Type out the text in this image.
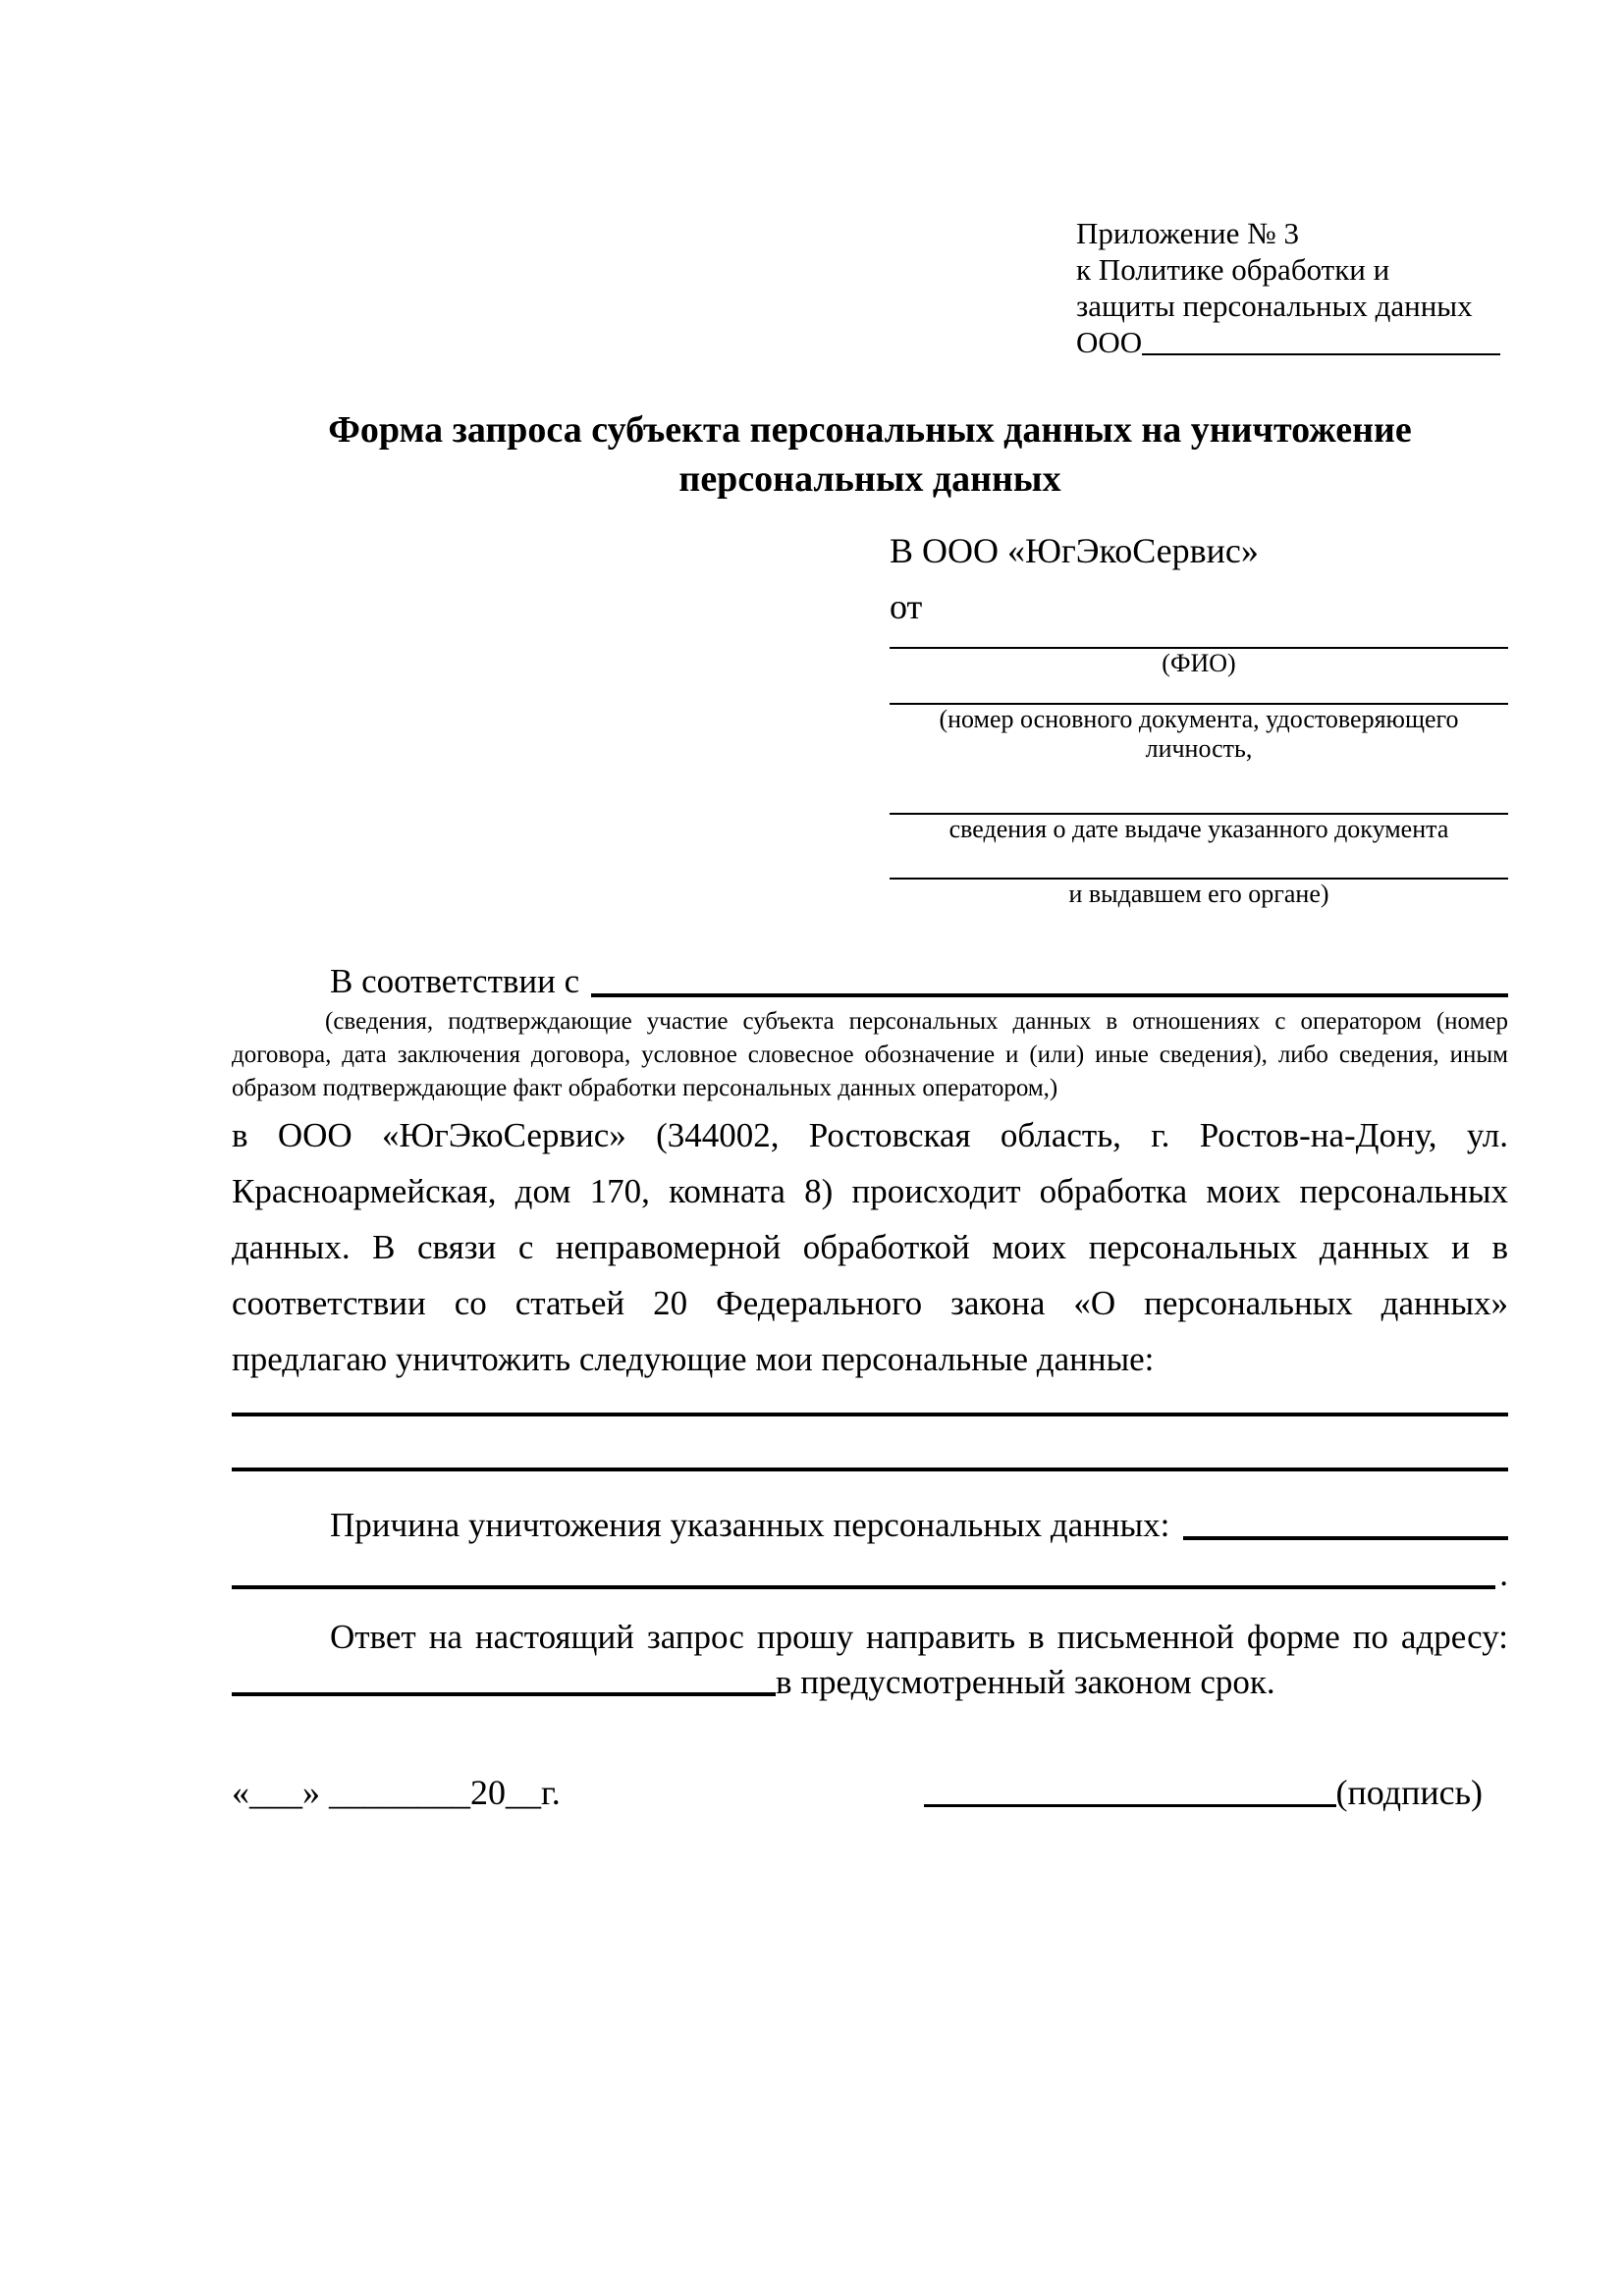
Приложение № 3
к Политике обработки и
защиты персональных данных
ООО
Форма запроса субъекта персональных данных на уничтожение персональных данных
В ООО «ЮгЭкоСервис»
от
(ФИО)
(номер основного документа, удостоверяющего личность,
сведения о дате выдаче указанного документа
и выдавшем его органе)
В соответствии с

(сведения, подтверждающие участие субъекта персональных данных в отношениях с оператором (номер договора, дата заключения договора, условное словесное обозначение и (или) иные сведения), либо сведения, иным образом подтверждающие факт обработки персональных данных оператором,)

в ООО «ЮгЭкоСервис» (344002, Ростовская область, г. Ростов-на-Дону, ул. Красноармейская, дом 170, комната 8) происходит обработка моих персональных данных. В связи с неправомерной обработкой моих персональных данных и в соответствии со статьей 20 Федерального закона «О персональных данных» предлагаю уничтожить следующие мои персональные данные:

Причина уничтожения указанных персональных данных:
.

Ответ на настоящий запрос прошу направить в письменной форме по адресу:

в предусмотренный законом срок.
«___» ________20__г.	(подпись)
